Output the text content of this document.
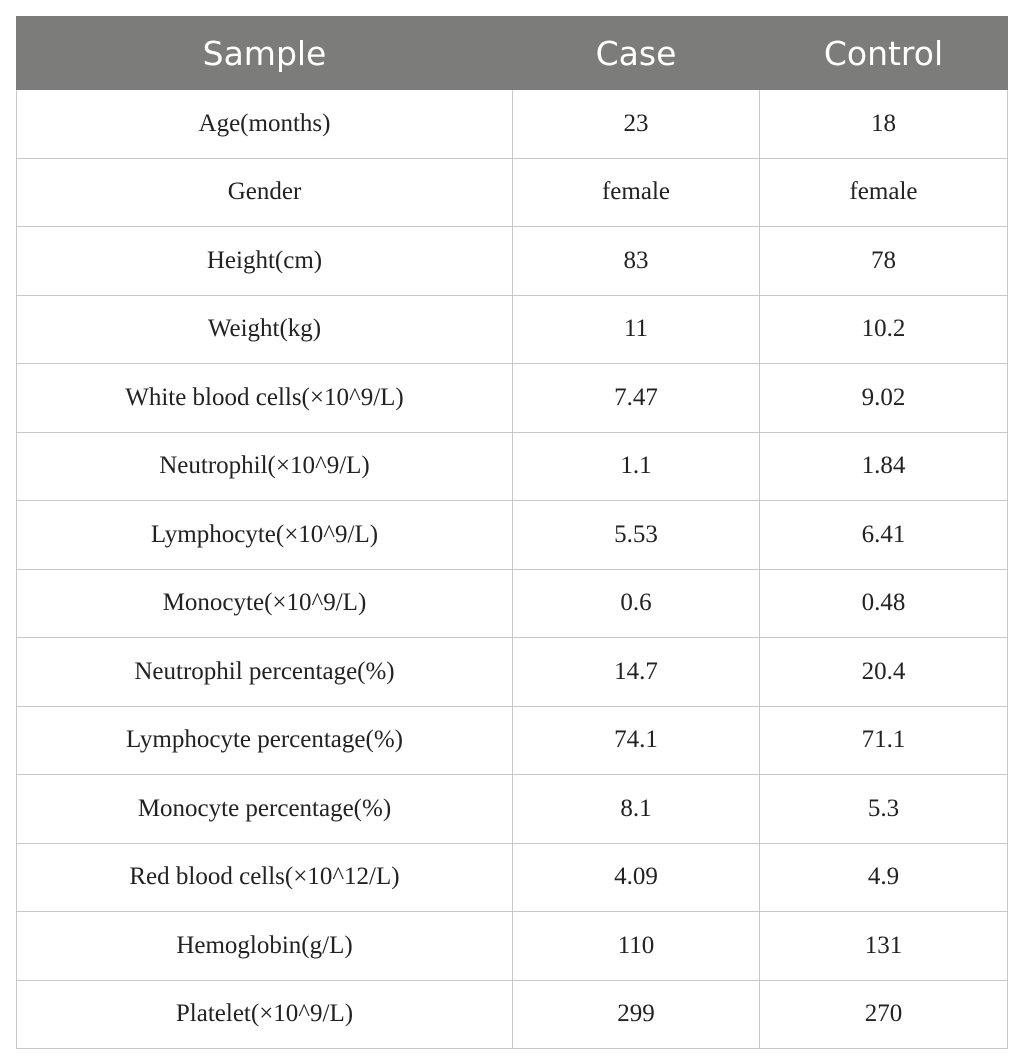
Sample	Case	Control
Age(months)	23	18
Gender	female	female
Height(cm)	83	78
Weight(kg)	11	10.2
White blood cells(×10^9/L)	7.47	9.02
Neutrophil(×10^9/L)	1.1	1.84
Lymphocyte(×10^9/L)	5.53	6.41
Monocyte(×10^9/L)	0.6	0.48
Neutrophil percentage(%)	14.7	20.4
Lymphocyte percentage(%)	74.1	71.1
Monocyte percentage(%)	8.1	5.3
Red blood cells(×10^12/L)	4.09	4.9
Hemoglobin(g/L)	110	131
Platelet(×10^9/L)	299	270
